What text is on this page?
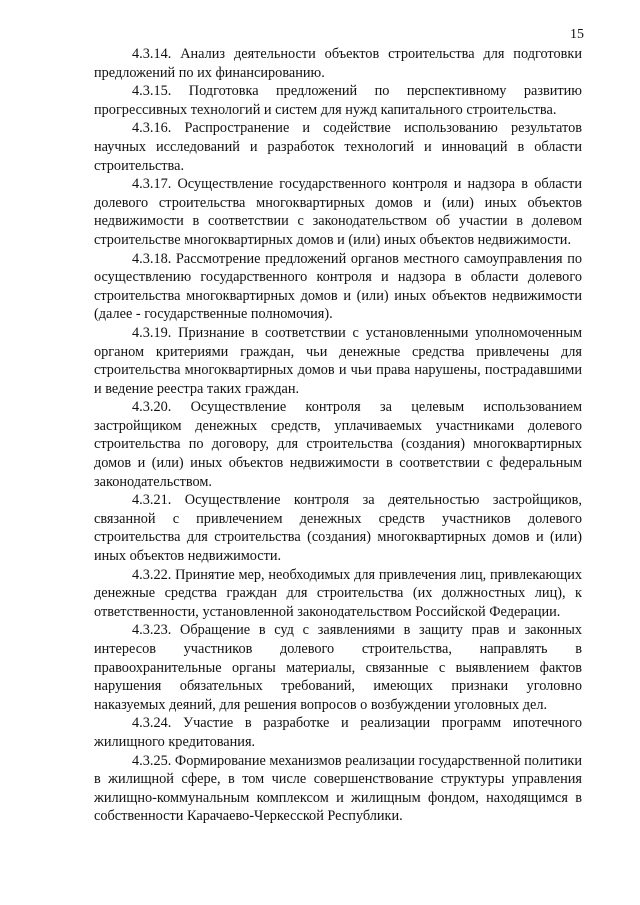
15

4.3.14. Анализ деятельности объектов строительства для подготовки предложений по их финансированию.

4.3.15. Подготовка предложений по перспективному развитию прогрессивных технологий и систем для нужд капитального строительства.

4.3.16. Распространение и содействие использованию результатов научных исследований и разработок технологий и инноваций в области строительства.

4.3.17. Осуществление государственного контроля и надзора в области долевого строительства многоквартирных домов и (или) иных объектов недвижимости в соответствии с законодательством об участии в долевом строительстве многоквартирных домов и (или) иных объектов недвижимости.

4.3.18. Рассмотрение предложений органов местного самоуправления по осуществлению государственного контроля и надзора в области долевого строительства многоквартирных домов и (или) иных объектов недвижимости (далее - государственные полномочия).

4.3.19. Признание в соответствии с установленными уполномоченным органом критериями граждан, чьи денежные средства привлечены для строительства многоквартирных домов и чьи права нарушены, пострадавшими и ведение реестра таких граждан.

4.3.20. Осуществление контроля за целевым использованием застройщиком денежных средств, уплачиваемых участниками долевого строительства по договору, для строительства (создания) многоквартирных домов и (или) иных объектов недвижимости в соответствии с федеральным законодательством.

4.3.21. Осуществление контроля за деятельностью застройщиков, связанной с привлечением денежных средств участников долевого строительства для строительства (создания) многоквартирных домов и (или) иных объектов недвижимости.

4.3.22. Принятие мер, необходимых для привлечения лиц, привлекающих денежные средства граждан для строительства (их должностных лиц), к ответственности, установленной законодательством Российской Федерации.

4.3.23. Обращение в суд с заявлениями в защиту прав и законных интересов участников долевого строительства, направлять в правоохранительные органы материалы, связанные с выявлением фактов нарушения обязательных требований, имеющих признаки уголовно наказуемых деяний, для решения вопросов о возбуждении уголовных дел.

4.3.24. Участие в разработке и реализации программ ипотечного жилищного кредитования.

4.3.25. Формирование механизмов реализации государственной политики в жилищной сфере, в том числе совершенствование структуры управления жилищно-коммунальным комплексом и жилищным фондом, находящимся в собственности Карачаево-Черкесской Республики.
